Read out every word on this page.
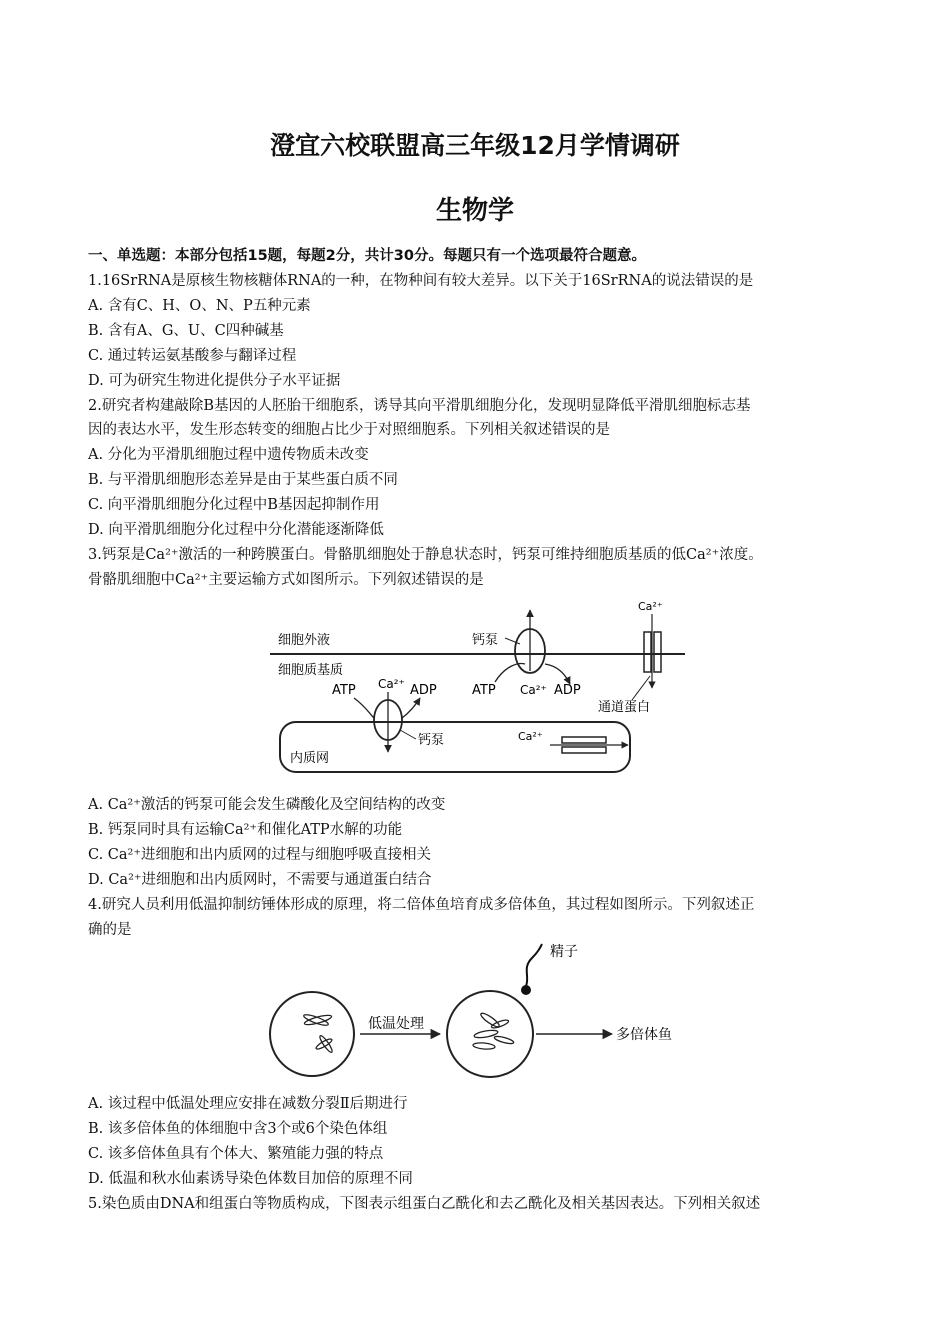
澄宜六校联盟高三年级12月学情调研
生物学
一、单选题：本部分包括15题，每题2分，共计30分。每题只有一个选项最符合题意。
1.16SrRNA是原核生物核糖体RNA的一种，在物种间有较大差异。以下关于16SrRNA的说法错误的是
A. 含有C、H、O、N、P五种元素
B. 含有A、G、U、C四种碱基
C. 通过转运氨基酸参与翻译过程
D. 可为研究生物进化提供分子水平证据
2.研究者构建敲除B基因的人胚胎干细胞系，诱导其向平滑肌细胞分化，发现明显降低平滑肌细胞标志基
因的表达水平，发生形态转变的细胞占比少于对照细胞系。下列相关叙述错误的是
A. 分化为平滑肌细胞过程中遗传物质未改变
B. 与平滑肌细胞形态差异是由于某些蛋白质不同
C. 向平滑肌细胞分化过程中B基因起抑制作用
D. 向平滑肌细胞分化过程中分化潜能逐渐降低
3.钙泵是Ca²⁺激活的一种跨膜蛋白。骨骼肌细胞处于静息状态时，钙泵可维持细胞质基质的低Ca²⁺浓度。
骨骼肌细胞中Ca²⁺主要运输方式如图所示。下列叙述错误的是
细胞外液
细胞质基质
钙泵
ATP Ca²⁺ ADP
Ca²⁺
通道蛋白
内质网
Ca²⁺
ATP	ADP
钙泵	Ca²⁺
A. Ca²⁺激活的钙泵可能会发生磷酸化及空间结构的改变
B. 钙泵同时具有运输Ca²⁺和催化ATP水解的功能
C. Ca²⁺进细胞和出内质网的过程与细胞呼吸直接相关
D. Ca²⁺进细胞和出内质网时，不需要与通道蛋白结合
4.研究人员利用低温抑制纺锤体形成的原理，将二倍体鱼培育成多倍体鱼，其过程如图所示。下列叙述正
确的是
低温处理
精子
多倍体鱼
A. 该过程中低温处理应安排在减数分裂Ⅱ后期进行
B. 该多倍体鱼的体细胞中含3个或6个染色体组
C. 该多倍体鱼具有个体大、繁殖能力强的特点
D. 低温和秋水仙素诱导染色体数目加倍的原理不同
5.染色质由DNA和组蛋白等物质构成，下图表示组蛋白乙酰化和去乙酰化及相关基因表达。下列相关叙述
